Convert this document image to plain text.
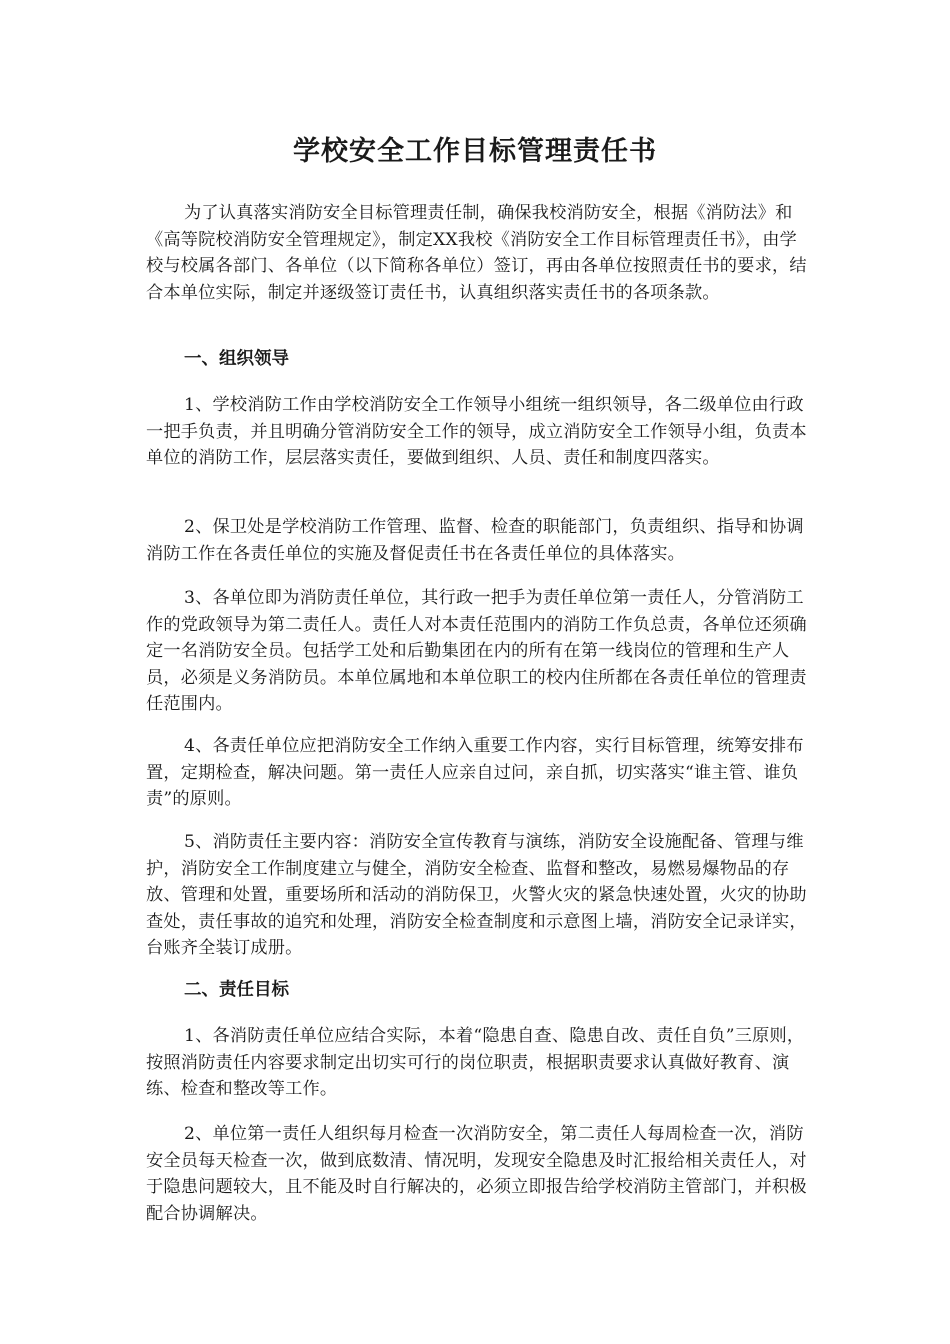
学校安全工作目标管理责任书

为了认真落实消防安全目标管理责任制，确保我校消防安全，根据《消防法》和《高等院校消防安全管理规定》，制定XX我校《消防安全工作目标管理责任书》，由学校与校属各部门、各单位（以下简称各单位）签订，再由各单位按照责任书的要求，结合本单位实际，制定并逐级签订责任书，认真组织落实责任书的各项条款。

一、组织领导

1、学校消防工作由学校消防安全工作领导小组统一组织领导，各二级单位由行政一把手负责，并且明确分管消防安全工作的领导，成立消防安全工作领导小组，负责本单位的消防工作，层层落实责任，要做到组织、人员、责任和制度四落实。

2、保卫处是学校消防工作管理、监督、检查的职能部门，负责组织、指导和协调消防工作在各责任单位的实施及督促责任书在各责任单位的具体落实。

3、各单位即为消防责任单位，其行政一把手为责任单位第一责任人，分管消防工作的党政领导为第二责任人。责任人对本责任范围内的消防工作负总责，各单位还须确定一名消防安全员。包括学工处和后勤集团在内的所有在第一线岗位的管理和生产人员，必须是义务消防员。本单位属地和本单位职工的校内住所都在各责任单位的管理责任范围内。

4、各责任单位应把消防安全工作纳入重要工作内容，实行目标管理，统筹安排布置，定期检查，解决问题。第一责任人应亲自过问，亲自抓，切实落实“谁主管、谁负责”的原则。

5、消防责任主要内容：消防安全宣传教育与演练，消防安全设施配备、管理与维护，消防安全工作制度建立与健全，消防安全检查、监督和整改，易燃易爆物品的存放、管理和处置，重要场所和活动的消防保卫，火警火灾的紧急快速处置，火灾的协助查处，责任事故的追究和处理，消防安全检查制度和示意图上墙，消防安全记录详实，台账齐全装订成册。

二、责任目标

1、各消防责任单位应结合实际，本着“隐患自查、隐患自改、责任自负”三原则，按照消防责任内容要求制定出切实可行的岗位职责，根据职责要求认真做好教育、演练、检查和整改等工作。

2、单位第一责任人组织每月检查一次消防安全，第二责任人每周检查一次，消防安全员每天检查一次，做到底数清、情况明，发现安全隐患及时汇报给相关责任人，对于隐患问题较大，且不能及时自行解决的，必须立即报告给学校消防主管部门，并积极配合协调解决。
